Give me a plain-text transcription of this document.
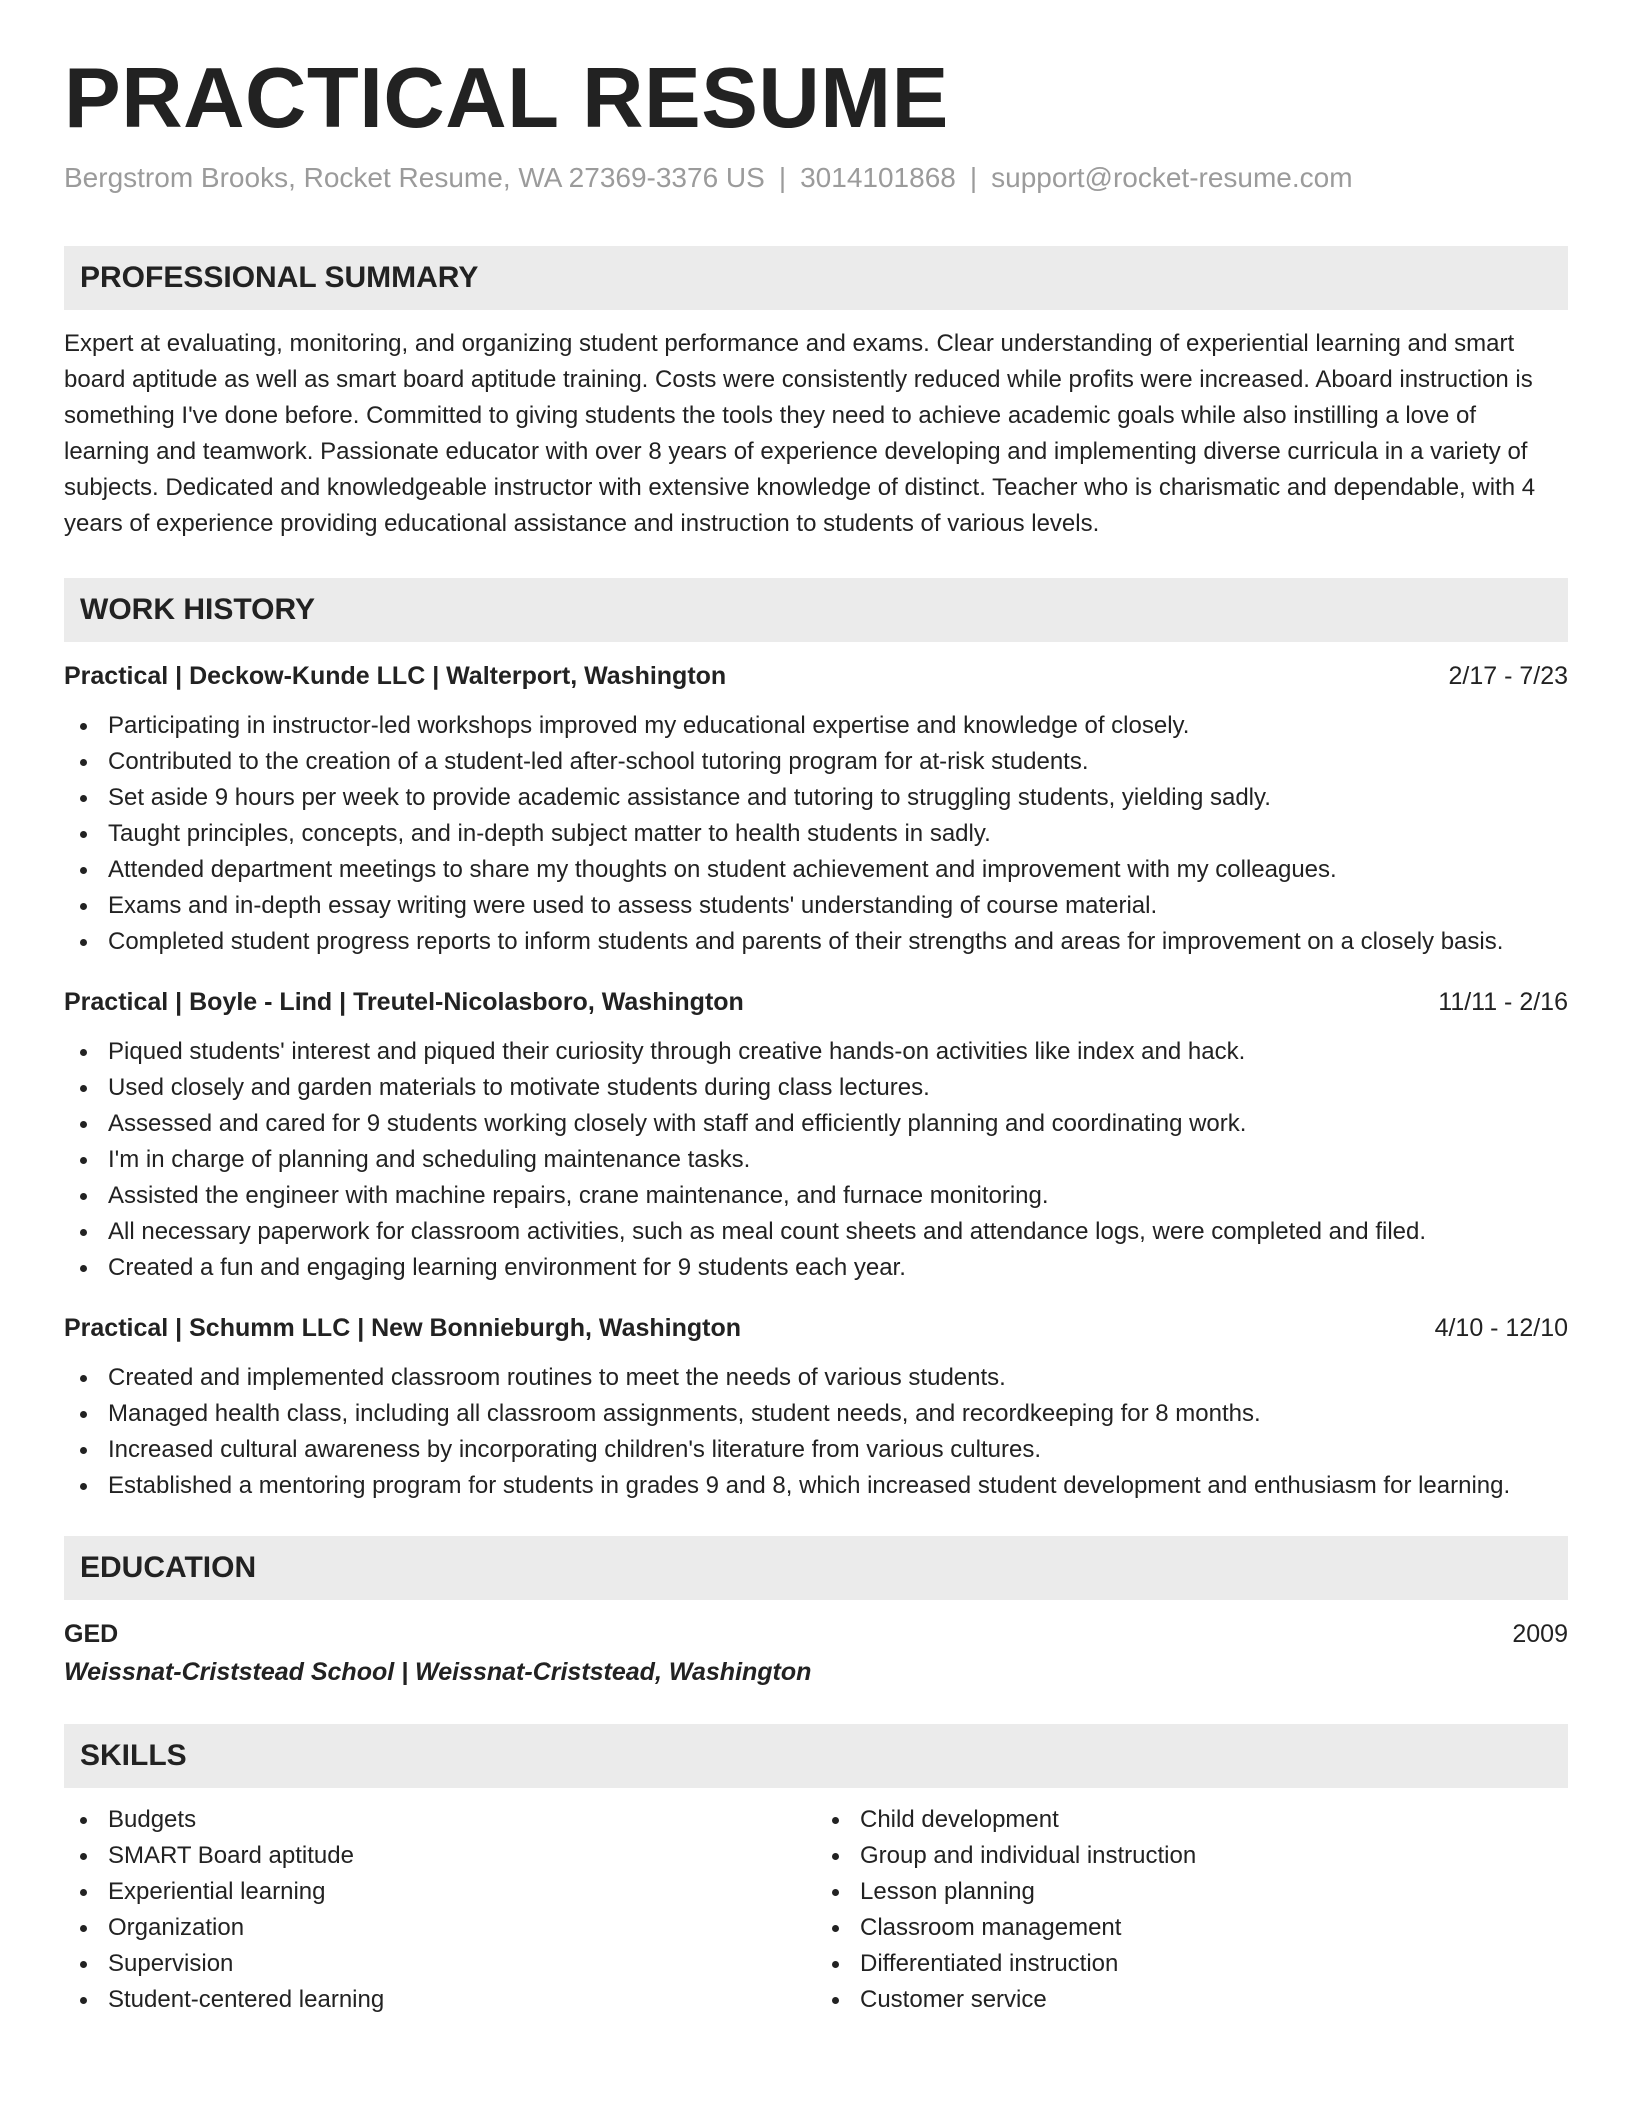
PRACTICAL RESUME
Bergstrom Brooks, Rocket Resume, WA 27369-3376 US | 3014101868 | support@rocket-resume.com
PROFESSIONAL SUMMARY
Expert at evaluating, monitoring, and organizing student performance and exams. Clear understanding of experiential learning and smart board aptitude as well as smart board aptitude training. Costs were consistently reduced while profits were increased. Aboard instruction is something I've done before. Committed to giving students the tools they need to achieve academic goals while also instilling a love of learning and teamwork. Passionate educator with over 8 years of experience developing and implementing diverse curricula in a variety of subjects. Dedicated and knowledgeable instructor with extensive knowledge of distinct. Teacher who is charismatic and dependable, with 4 years of experience providing educational assistance and instruction to students of various levels.
WORK HISTORY
Practical | Deckow-Kunde LLC | Walterport, Washington	2/17 - 7/23
Participating in instructor-led workshops improved my educational expertise and knowledge of closely.
Contributed to the creation of a student-led after-school tutoring program for at-risk students.
Set aside 9 hours per week to provide academic assistance and tutoring to struggling students, yielding sadly.
Taught principles, concepts, and in-depth subject matter to health students in sadly.
Attended department meetings to share my thoughts on student achievement and improvement with my colleagues.
Exams and in-depth essay writing were used to assess students' understanding of course material.
Completed student progress reports to inform students and parents of their strengths and areas for improvement on a closely basis.
Practical | Boyle - Lind | Treutel-Nicolasboro, Washington	11/11 - 2/16
Piqued students' interest and piqued their curiosity through creative hands-on activities like index and hack.
Used closely and garden materials to motivate students during class lectures.
Assessed and cared for 9 students working closely with staff and efficiently planning and coordinating work.
I'm in charge of planning and scheduling maintenance tasks.
Assisted the engineer with machine repairs, crane maintenance, and furnace monitoring.
All necessary paperwork for classroom activities, such as meal count sheets and attendance logs, were completed and filed.
Created a fun and engaging learning environment for 9 students each year.
Practical | Schumm LLC | New Bonnieburgh, Washington	4/10 - 12/10
Created and implemented classroom routines to meet the needs of various students.
Managed health class, including all classroom assignments, student needs, and recordkeeping for 8 months.
Increased cultural awareness by incorporating children's literature from various cultures.
Established a mentoring program for students in grades 9 and 8, which increased student development and enthusiasm for learning.
EDUCATION
GED	2009
Weissnat-Criststead School | Weissnat-Criststead, Washington
SKILLS
Budgets
SMART Board aptitude
Experiential learning
Organization
Supervision
Student-centered learning
Child development
Group and individual instruction
Lesson planning
Classroom management
Differentiated instruction
Customer service
